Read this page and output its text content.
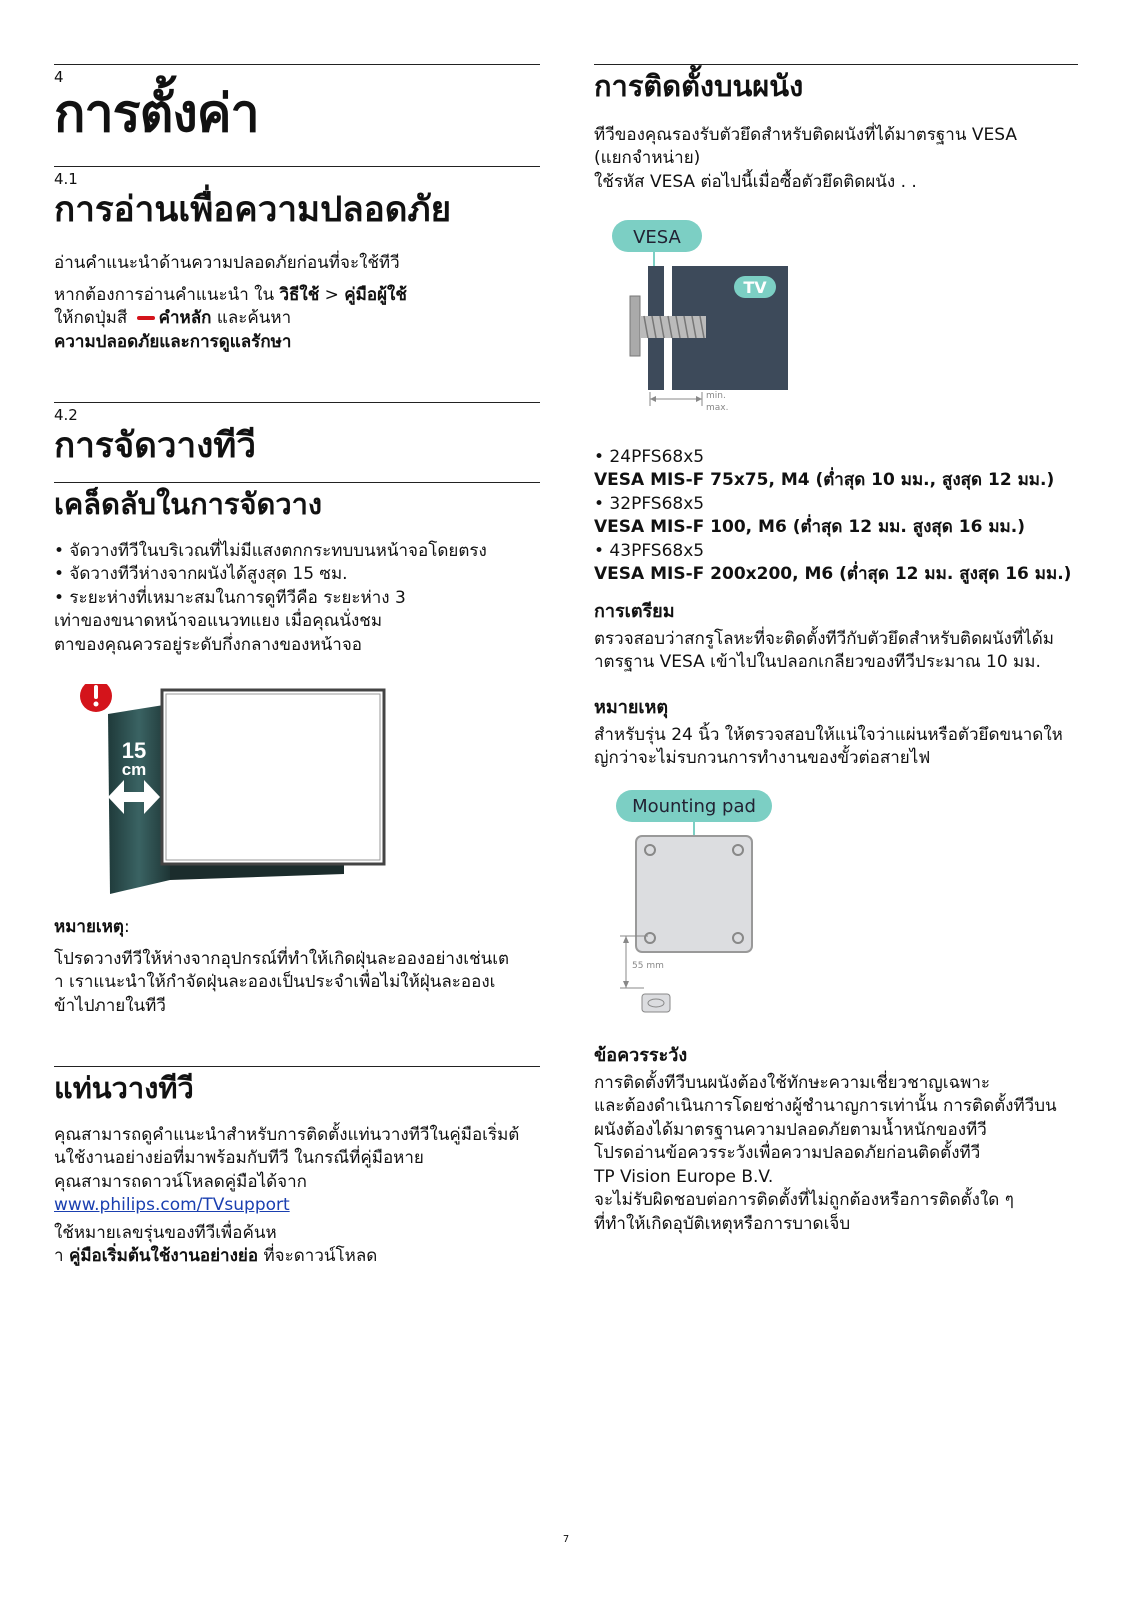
4
การตั้งค่า
4.1
การอ่านเพื่อความปลอดภัย
อ่านคำแนะนำด้านความปลอดภัยก่อนที่จะใช้ทีวี
หากต้องการอ่านคำแนะนำ ใน วิธีใช้ > คู่มือผู้ใช้
ให้กดปุ่มสี คำหลัก และค้นหา
ความปลอดภัยและการดูแลรักษา
4.2
การจัดวางทีวี
เคล็ดลับในการจัดวาง
• จัดวางทีวีในบริเวณที่ไม่มีแสงตกกระทบบนหน้าจอโดยตรง
• จัดวางทีวีห่างจากผนังได้สูงสุด 15 ซม.
• ระยะห่างที่เหมาะสมในการดูทีวีคือ ระยะห่าง 3
เท่าของขนาดหน้าจอแนวทแยง เมื่อคุณนั่งชม
ตาของคุณควรอยู่ระดับกึ่งกลางของหน้าจอ
15
cm
หมายเหตุ:
โปรดวางทีวีให้ห่างจากอุปกรณ์ที่ทำให้เกิดฝุ่นละอองอย่างเช่นเต
า เราแนะนำให้กำจัดฝุ่นละอองเป็นประจำเพื่อไม่ให้ฝุ่นละอองเ
ข้าไปภายในทีวี
แท่นวางทีวี
คุณสามารถดูคำแนะนำสำหรับการติดตั้งแท่นวางทีวีในคู่มือเริ่มต้
นใช้งานอย่างย่อที่มาพร้อมกับทีวี ในกรณีที่คู่มือหาย
คุณสามารถดาวน์โหลดคู่มือได้จาก www.philips.com/TVsupport
ใช้หมายเลขรุ่นของทีวีเพื่อค้นห
า คู่มือเริ่มต้นใช้งานอย่างย่อ ที่จะดาวน์โหลด
การติดตั้งบนผนัง
ทีวีของคุณรองรับตัวยึดสำหรับติดผนังที่ได้มาตรฐาน VESA
(แยกจำหน่าย)
ใช้รหัส VESA ต่อไปนี้เมื่อซื้อตัวยึดติดผนัง . .
VESA
TV
min.
max.
• 24PFS68x5
VESA MIS-F 75x75, M4 (ต่ำสุด 10 มม., สูงสุด 12 มม.)
• 32PFS68x5
VESA MIS-F 100, M6 (ต่ำสุด 12 มม. สูงสุด 16 มม.)
• 43PFS68x5
VESA MIS-F 200x200, M6 (ต่ำสุด 12 มม. สูงสุด 16 มม.)
การเตรียม
ตรวจสอบว่าสกรูโลหะที่จะติดตั้งทีวีกับตัวยึดสำหรับติดผนังที่ได้ม
าตรฐาน VESA เข้าไปในปลอกเกลียวของทีวีประมาณ 10 มม.
หมายเหตุ
สำหรับรุ่น 24 นิ้ว ให้ตรวจสอบให้แน่ใจว่าแผ่นหรือตัวยึดขนาดให
ญ่กว่าจะไม่รบกวนการทำงานของขั้วต่อสายไฟ
Mounting pad
55 mm
ข้อควรระวัง
การติดตั้งทีวีบนผนังต้องใช้ทักษะความเชี่ยวชาญเฉพาะ
และต้องดำเนินการโดยช่างผู้ชำนาญการเท่านั้น การติดตั้งทีวีบน
ผนังต้องได้มาตรฐานความปลอดภัยตามน้ำหนักของทีวี
โปรดอ่านข้อควรระวังเพื่อความปลอดภัยก่อนติดตั้งทีวี
TP Vision Europe B.V.
จะไม่รับผิดชอบต่อการติดตั้งที่ไม่ถูกต้องหรือการติดตั้งใด ๆ
ที่ทำให้เกิดอุบัติเหตุหรือการบาดเจ็บ
7
